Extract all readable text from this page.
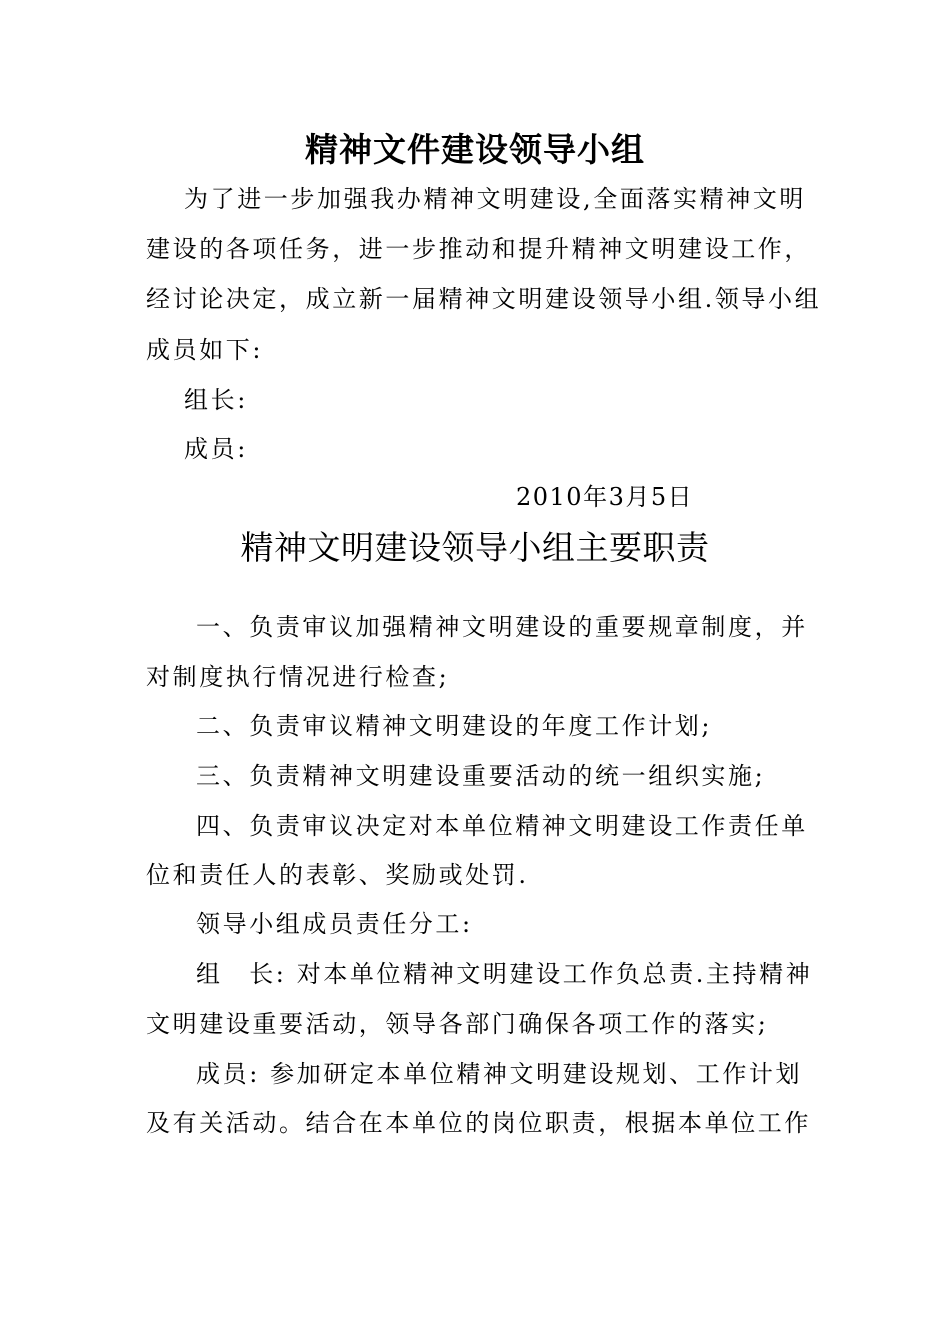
精神文件建设领导小组
为了进一步加强我办精神文明建设,全面落实精神文明
建设的各项任务，进一步推动和提升精神文明建设工作，
经讨论决定，成立新一届精神文明建设领导小组.领导小组
成员如下:
组长:
成员:
2010年3月5日
精神文明建设领导小组主要职责
一、负责审议加强精神文明建设的重要规章制度，并
对制度执行情况进行检查;
二、负责审议精神文明建设的年度工作计划;
三、负责精神文明建设重要活动的统一组织实施;
四、负责审议决定对本单位精神文明建设工作责任单
位和责任人的表彰、奖励或处罚.
领导小组成员责任分工:
组　长: 对本单位精神文明建设工作负总责.主持精神
文明建设重要活动，领导各部门确保各项工作的落实;
成员: 参加研定本单位精神文明建设规划、工作计划
及有关活动。结合在本单位的岗位职责，根据本单位工作
